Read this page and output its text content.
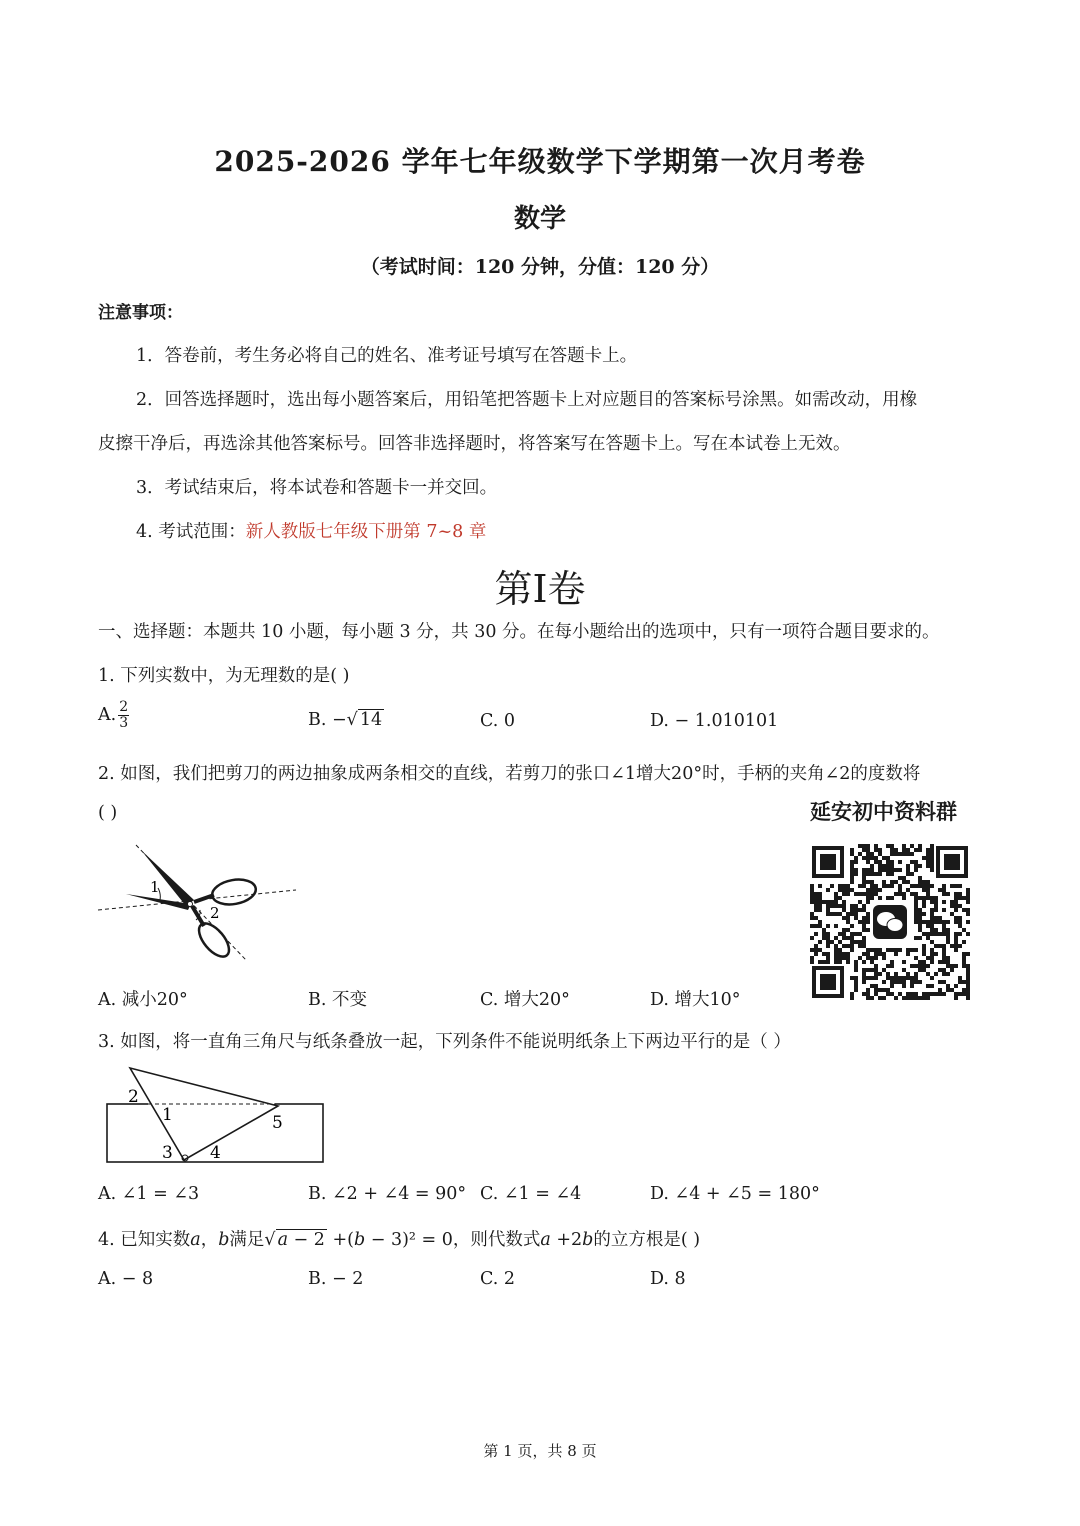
2025-2026 学年七年级数学下学期第一次月考卷
数学
（考试时间：120 分钟，分值：120 分）
注意事项：
1．答卷前，考生务必将自己的姓名、准考证号填写在答题卡上。
2．回答选择题时，选出每小题答案后，用铅笔把答题卡上对应题目的答案标号涂黑。如需改动，用橡
皮擦干净后，再选涂其他答案标号。回答非选择题时，将答案写在答题卡上。写在本试卷上无效。
3．考试结束后，将本试卷和答题卡一并交回。
4. 考试范围：新人教版七年级下册第 7~8 章
第I卷
一、选择题：本题共 10 小题，每小题 3 分，共 30 分。在每小题给出的选项中，只有一项符合题目要求的。
1. 下列实数中，为无理数的是( )
A. $\frac{2}{3}$	B. −√ 14	C. 0	D. − 1.010101
2. 如图，我们把剪刀的两边抽象成两条相交的直线，若剪刀的张口∠1增大20°时，手柄的夹角∠2的度数将
( )
1
2
A. 减小20°	B. 不变	C. 增大20°	D. 增大10°
延安初中资料群
3. 如图，将一直角三角尺与纸条叠放一起，下列条件不能说明纸条上下两边平行的是（ ）
2
1
3 4
5
A. ∠1 = ∠3	B. ∠2 + ∠4 = 90° C. ∠1 = ∠4	D. ∠4 + ∠5 = 180°
4. 已知实数𝑎，𝑏满足√ 𝑎 − 2 +(𝑏 − 3)² = 0，则代数式𝑎 +2𝑏的立方根是( )
A. − 8	B. − 2	C. 2	D. 8
第 1 页，共 8 页
